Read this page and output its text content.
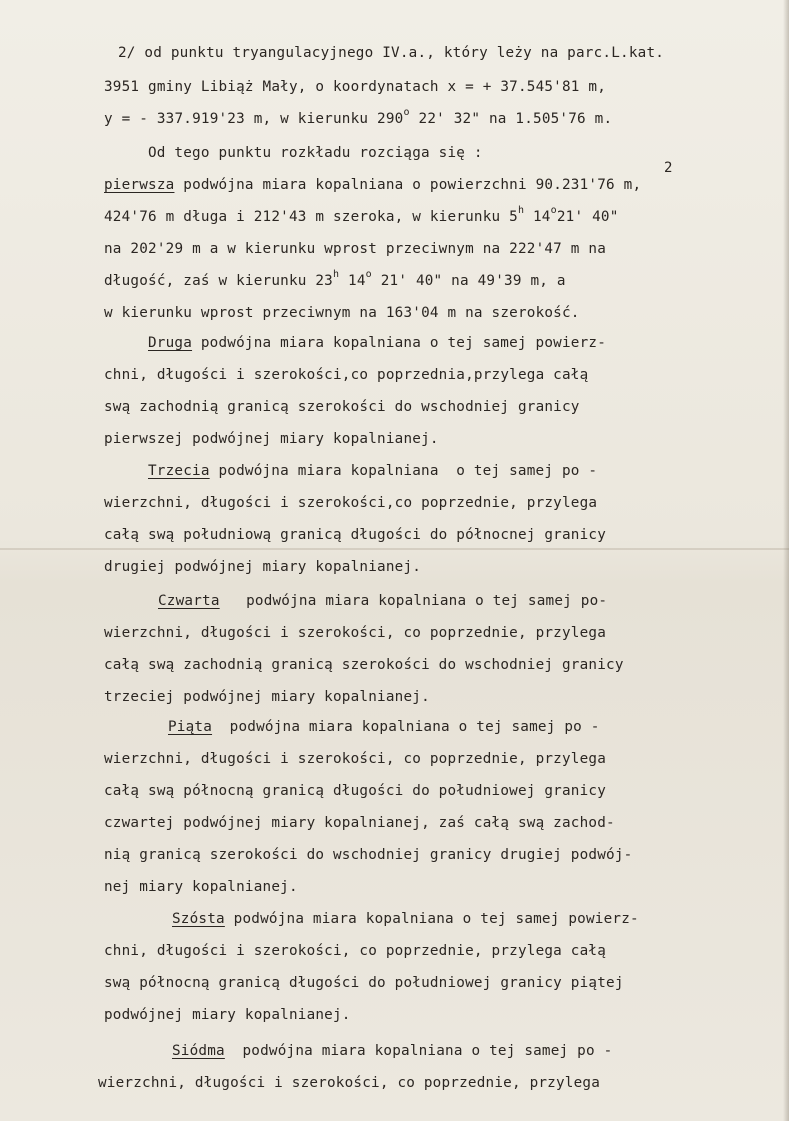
2/ od punktu tryangulacyjnego IV.a., który leży na parc.L.kat.

3951 gminy Libiąż Mały, o koordynatach x = + 37.545'81 m,

y = - 337.919'23 m, w kierunku 290$^o$ 22' 32" na 1.505'76 m.

Od tego punktu rozkładu rozciąga się :

2

pierwsza podwójna miara kopalniana o powierzchni 90.231'76 m,

424'76 m długa i 212'43 m szeroka, w kierunku 5$^h$ 14$^o$21' 40"

na 202'29 m a w kierunku wprost przeciwnym na 222'47 m na

długość, zaś w kierunku 23$^h$ 14$^o$ 21' 40" na 49'39 m, a

w kierunku wprost przeciwnym na 163'04 m na szerokość.

Druga podwójna miara kopalniana o tej samej powierz-

chni, długości i szerokości,co poprzednia,przylega całą

swą zachodnią granicą szerokości do wschodniej granicy

pierwszej podwójnej miary kopalnianej.

Trzecia podwójna miara kopalniana  o tej samej po -

wierzchni, długości i szerokości,co poprzednie, przylega

całą swą południową granicą długości do północnej granicy

drugiej podwójnej miary kopalnianej.

Czwarta   podwójna miara kopalniana o tej samej po-

wierzchni, długości i szerokości, co poprzednie, przylega

całą swą zachodnią granicą szerokości do wschodniej granicy

trzeciej podwójnej miary kopalnianej.

Piąta  podwójna miara kopalniana o tej samej po -

wierzchni, długości i szerokości, co poprzednie, przylega

całą swą północną granicą długości do południowej granicy

czwartej podwójnej miary kopalnianej, zaś całą swą zachod-

nią granicą szerokości do wschodniej granicy drugiej podwój-

nej miary kopalnianej.

Szósta podwójna miara kopalniana o tej samej powierz-

chni, długości i szerokości, co poprzednie, przylega całą

swą północną granicą długości do południowej granicy piątej

podwójnej miary kopalnianej.

Siódma  podwójna miara kopalniana o tej samej po -

wierzchni, długości i szerokości, co poprzednie, przylega
